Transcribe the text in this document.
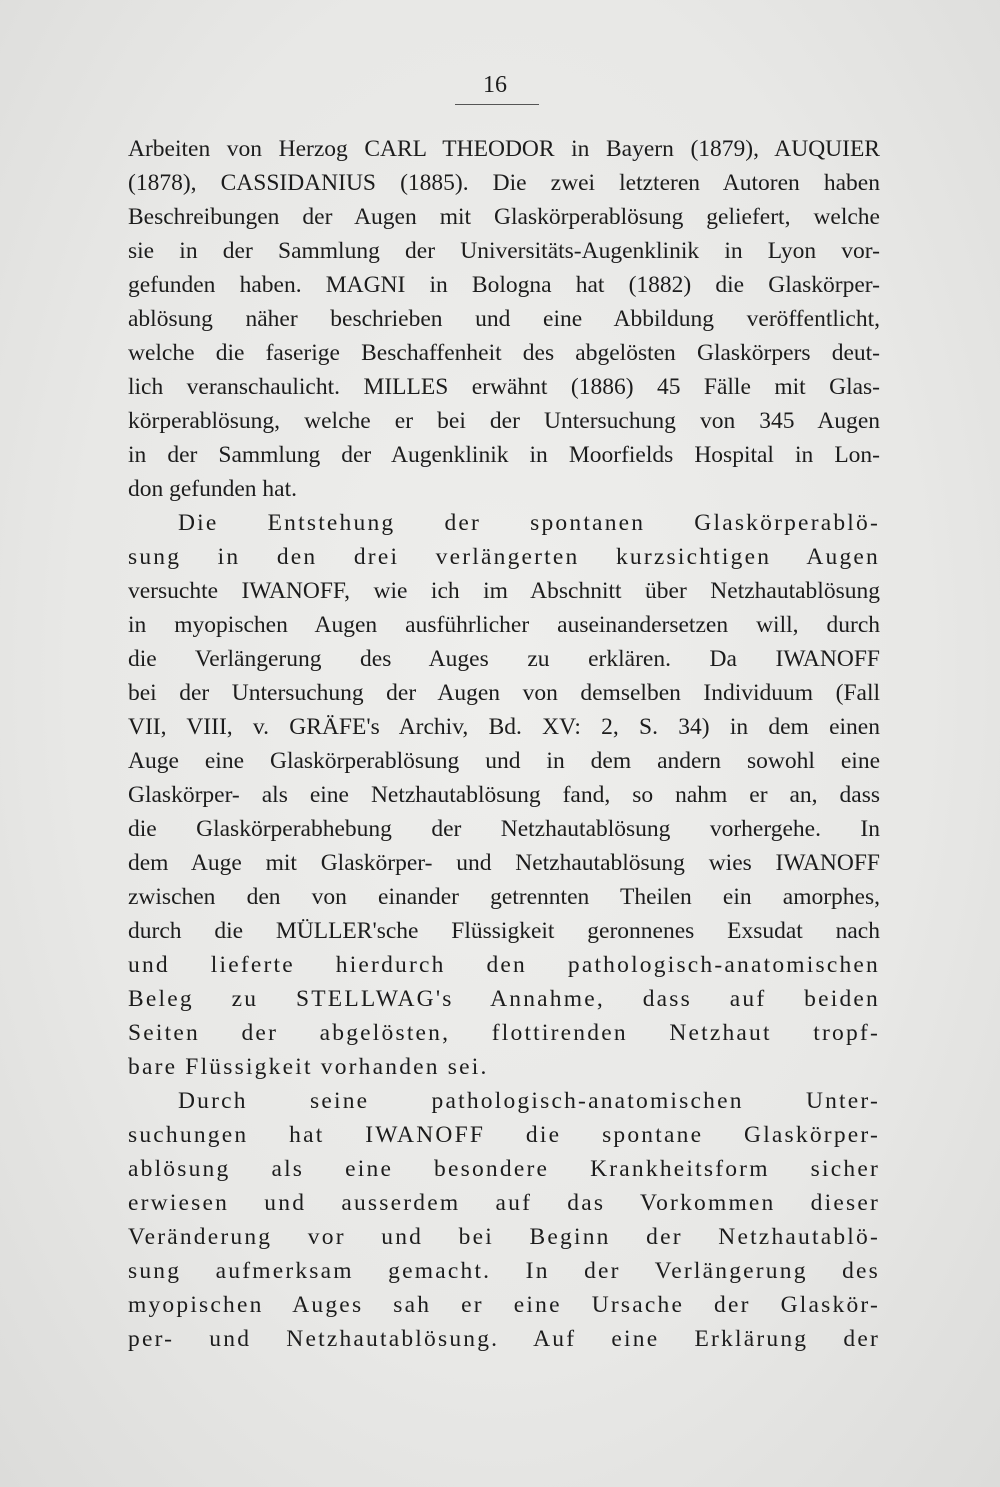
16
Arbeiten von Herzog CARL THEODOR in Bayern (1879), AUQUIER
(1878), CASSIDANIUS (1885). Die zwei letzteren Autoren haben
Beschreibungen der Augen mit Glaskörperablösung geliefert, welche
sie in der Sammlung der Universitäts-Augenklinik in Lyon vor-
gefunden haben. MAGNI in Bologna hat (1882) die Glaskörper-
ablösung näher beschrieben und eine Abbildung veröffentlicht,
welche die faserige Beschaffenheit des abgelösten Glaskörpers deut-
lich veranschaulicht. MILLES erwähnt (1886) 45 Fälle mit Glas-
körperablösung, welche er bei der Untersuchung von 345 Augen
in der Sammlung der Augenklinik in Moorfields Hospital in Lon-
don gefunden hat.
Die Entstehung der spontanen Glaskörperablö-
sung in den drei verlängerten kurzsichtigen Augen
versuchte IWANOFF, wie ich im Abschnitt über Netzhautablösung
in myopischen Augen ausführlicher auseinandersetzen will, durch
die Verlängerung des Auges zu erklären. Da IWANOFF
bei der Untersuchung der Augen von demselben Individuum (Fall
VII, VIII, v. GRÄFE's Archiv, Bd. XV: 2, S. 34) in dem einen
Auge eine Glaskörperablösung und in dem andern sowohl eine
Glaskörper- als eine Netzhautablösung fand, so nahm er an, dass
die Glaskörperabhebung der Netzhautablösung vorhergehe. In
dem Auge mit Glaskörper- und Netzhautablösung wies IWANOFF
zwischen den von einander getrennten Theilen ein amorphes,
durch die MÜLLER'sche Flüssigkeit geronnenes Exsudat nach
und lieferte hierdurch den pathologisch-anatomischen
Beleg zu STELLWAG's Annahme, dass auf beiden
Seiten der abgelösten, flottirenden Netzhaut tropf-
bare Flüssigkeit vorhanden sei.
Durch seine pathologisch-anatomischen Unter-
suchungen hat IWANOFF die spontane Glaskörper-
ablösung als eine besondere Krankheitsform sicher
erwiesen und ausserdem auf das Vorkommen dieser
Veränderung vor und bei Beginn der Netzhautablö-
sung aufmerksam gemacht. In der Verlängerung des
myopischen Auges sah er eine Ursache der Glaskör-
per- und Netzhautablösung. Auf eine Erklärung der
